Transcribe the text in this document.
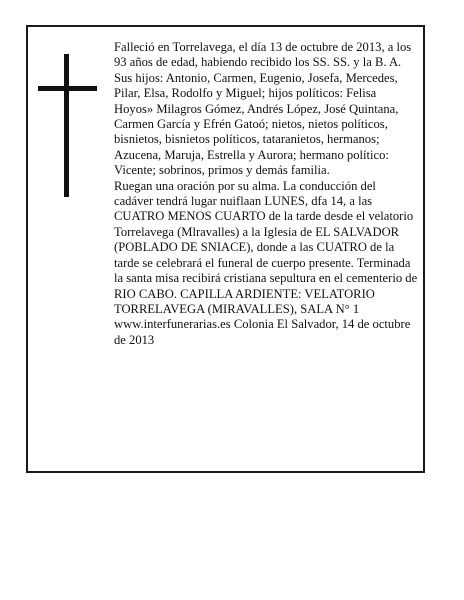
Falleció en Torrelavega, el día 13 de octubre de 2013, a los 93 años de edad, habiendo recibido los SS. SS. y la B. A.

Sus hijos: Antonio, Carmen, Eugenio, Josefa, Mercedes, Pilar, Elsa, Rodolfo y Miguel; hijos políticos: Felisa Hoyos» Milagros Gómez, Andrés López, José Quintana, Carmen García y Efrén Gatoó; nietos, nietos políticos, bisnietos, bisnietos políticos, tataranietos, hermanos; Azucena, Maruja, Estrella y Aurora; hermano político: Vicente; sobrinos, primos y demás familia.

Ruegan una oración por su alma. La conducción del cadáver tendrá lugar nuiflaan LUNES, dfa 14, a las CUATRO MENOS CUARTO de la tarde desde el velatorio Torrelavega (Mlravalles) a la Iglesia de EL SALVADOR (POBLADO DE SNIACE), donde a las CUATRO de la tarde se celebrará el funeral de cuerpo presente. Terminada la santa misa recibirá cristiana sepultura en el cementerio de RIO CABO. CAPILLA ARDIENTE: VELATORIO TORRELAVEGA (MIRAVALLES), SALA N° 1

www.interfunerarias.es Colonia El Salvador, 14 de octubre de 2013
